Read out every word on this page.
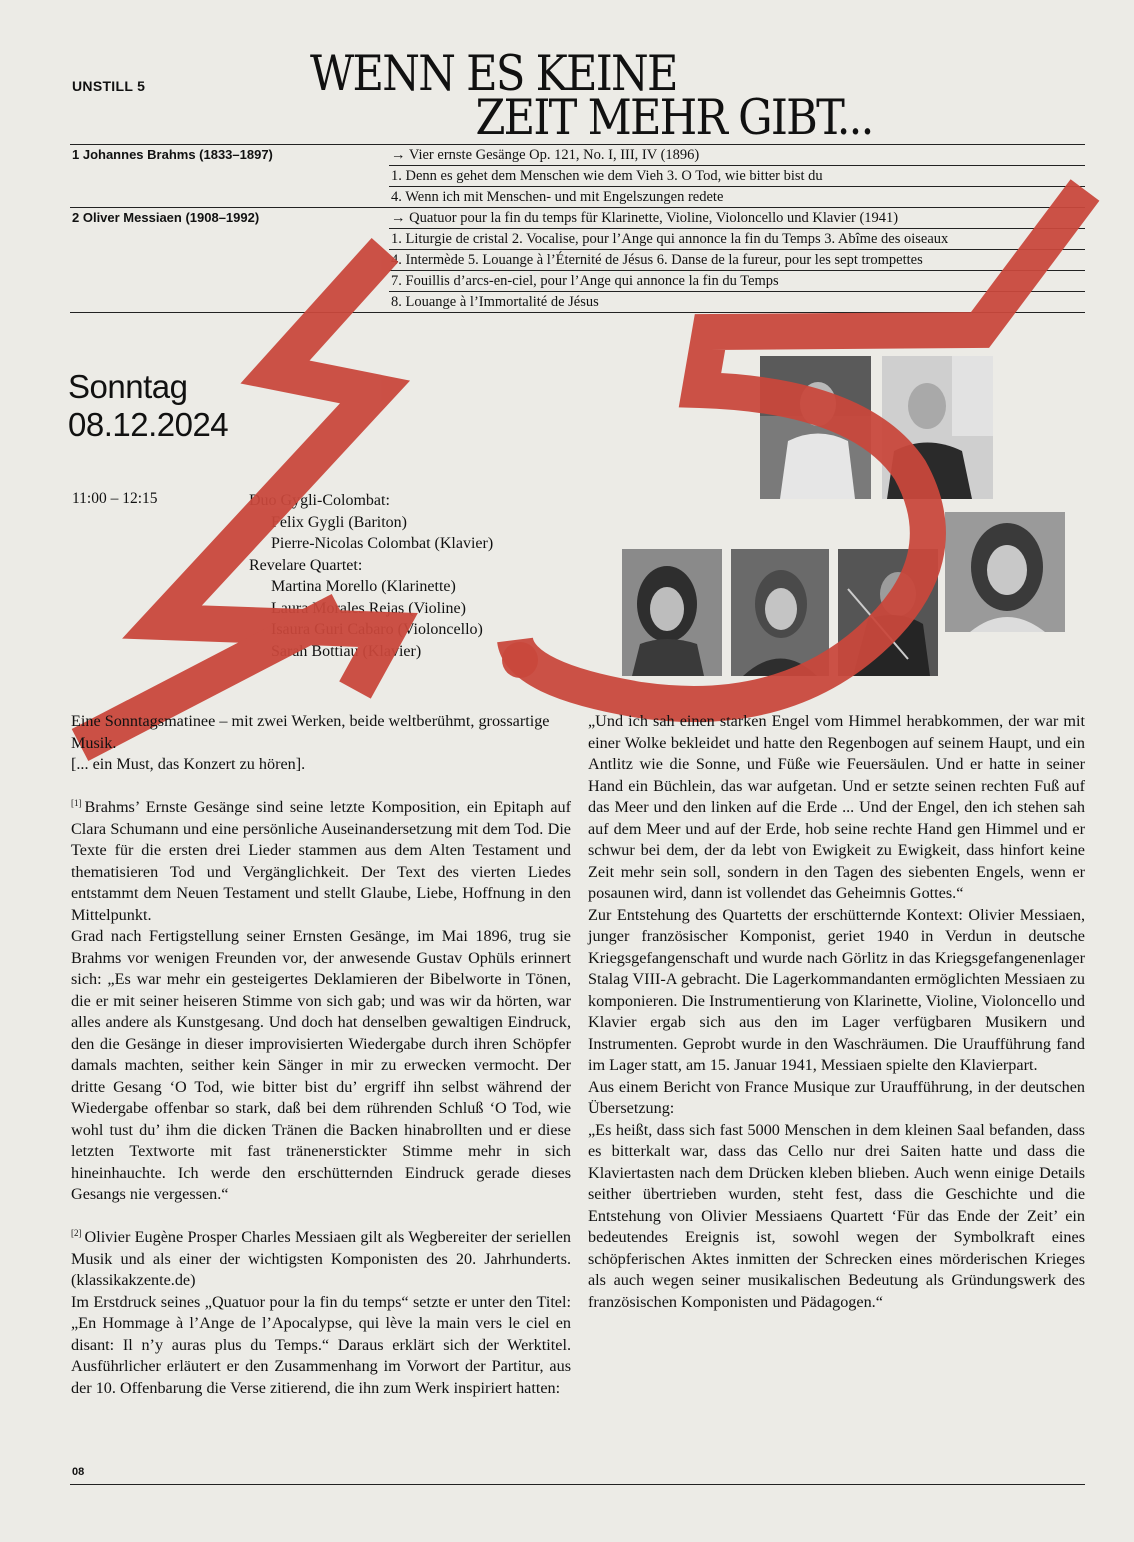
UNSTILL 5	WENN ES KEINE
ZEIT MEHR GIBT...
1 Johannes Brahms (1833–1897)	→ Vier ernste Gesänge Op. 121, No. I, III, IV (1896)
1. Denn es gehet dem Menschen wie dem Vieh 3. O Tod, wie bitter bist du
4. Wenn ich mit Menschen- und mit Engelszungen redete
2 Oliver Messiaen (1908–1992)	→ Quatuor pour la fin du temps für Klarinette, Violine, Violoncello und Klavier (1941)
1. Liturgie de cristal 2. Vocalise, pour l’Ange qui annonce la fin du Temps 3. Abîme des oiseaux
4. Intermède 5. Louange à l’Éternité de Jésus 6. Danse de la fureur, pour les sept trompettes
7. Fouillis d’arcs-en-ciel, pour l’Ange qui annonce la fin du Temps
8. Louange à l’Immortalité de Jésus
Sonntag
08.12.2024
11:00 – 12:15	Duo Gygli-Colombat:
Felix Gygli (Bariton)
Pierre-Nicolas Colombat (Klavier)
Revelare Quartet:
Martina Morello (Klarinette)
Laura Morales Rejas (Violine)
Isaura Guri Cabaro (Violoncello)
Sarah Bottiau (Klavier)

Eine Sonntagsmatinee – mit zwei Werken, beide weltberühmt, grossartige Musik.

[... ein Must, das Konzert zu hören].

[1] Brahms’ Ernste Gesänge sind seine letzte Komposition, ein Epitaph auf Clara Schumann und eine persönliche Auseinandersetzung mit dem Tod. Die Texte für die ersten drei Lieder stammen aus dem Alten Testament und thematisieren Tod und Vergänglichkeit. Der Text des vierten Liedes entstammt dem Neuen Testament und stellt Glaube, Liebe, Hoffnung in den Mittelpunkt.

Grad nach Fertigstellung seiner Ernsten Gesänge, im Mai 1896, trug sie Brahms vor wenigen Freunden vor, der anwesende Gustav Ophüls erinnert sich: „Es war mehr ein gesteigertes Deklamieren der Bibelworte in Tönen, die er mit seiner heiseren Stimme von sich gab; und was wir da hörten, war alles andere als Kunstgesang. Und doch hat denselben gewaltigen Eindruck, den die Gesänge in dieser improvisierten Wiedergabe durch ihren Schöpfer damals machten, seither kein Sänger in mir zu erwecken vermocht. Der dritte Gesang ‘O Tod, wie bitter bist du’ ergriff ihn selbst während der Wiedergabe offenbar so stark, daß bei dem rührenden Schluß ‘O Tod, wie wohl tust du’ ihm die dicken Tränen die Backen hinabrollten und er diese letzten Textworte mit fast tränenerstickter Stimme mehr in sich hineinhauchte. Ich werde den erschütternden Eindruck gerade dieses Gesangs nie vergessen.“

[2] Olivier Eugène Prosper Charles Messiaen gilt als Wegbereiter der seriellen Musik und als einer der wichtigsten Komponisten des 20. Jahrhunderts. (klassikakzente.de)

Im Erstdruck seines „Quatuor pour la fin du temps“ setzte er unter den Titel: „En Hommage à l’Ange de l’Apocalypse, qui lève la main vers le ciel en disant: Il n’y auras plus du Temps.“ Daraus erklärt sich der Werktitel. Ausführlicher erläutert er den Zusammenhang im Vorwort der Partitur, aus der 10. Offenbarung die Verse zitierend, die ihn zum Werk inspiriert hatten:

„Und ich sah einen starken Engel vom Himmel herabkommen, der war mit einer Wolke bekleidet und hatte den Regenbogen auf seinem Haupt, und ein Antlitz wie die Sonne, und Füße wie Feuersäulen. Und er hatte in seiner Hand ein Büchlein, das war aufgetan. Und er setzte seinen rechten Fuß auf das Meer und den linken auf die Erde ... Und der Engel, den ich stehen sah auf dem Meer und auf der Erde, hob seine rechte Hand gen Himmel und er schwur bei dem, der da lebt von Ewigkeit zu Ewigkeit, dass hinfort keine Zeit mehr sein soll, sondern in den Tagen des siebenten Engels, wenn er posaunen wird, dann ist vollendet das Geheimnis Gottes.“

Zur Entstehung des Quartetts der erschütternde Kontext: Olivier Messiaen, junger französischer Komponist, geriet 1940 in Verdun in deutsche Kriegsgefangenschaft und wurde nach Görlitz in das Kriegsgefangenenlager Stalag VIII-A gebracht. Die Lagerkommandanten ermöglichten Messiaen zu komponieren. Die Instrumentierung von Klarinette, Violine, Violoncello und Klavier ergab sich aus den im Lager verfügbaren Musikern und Instrumenten. Geprobt wurde in den Waschräumen. Die Uraufführung fand im Lager statt, am 15. Januar 1941, Messiaen spielte den Klavierpart.

Aus einem Bericht von France Musique zur Uraufführung, in der deutschen Übersetzung:

„Es heißt, dass sich fast 5000 Menschen in dem kleinen Saal befanden, dass es bitterkalt war, dass das Cello nur drei Saiten hatte und dass die Klaviertasten nach dem Drücken kleben blieben. Auch wenn einige Details seither übertrieben wurden, steht fest, dass die Geschichte und die Entstehung von Olivier Messiaens Quartett ‘Für das Ende der Zeit’ ein bedeutendes Ereignis ist, sowohl wegen der Symbolkraft eines schöpferischen Aktes inmitten der Schrecken eines mörderischen Krieges als auch wegen seiner musikalischen Bedeutung als Gründungswerk des französischen Komponisten und Pädagogen.“

08
